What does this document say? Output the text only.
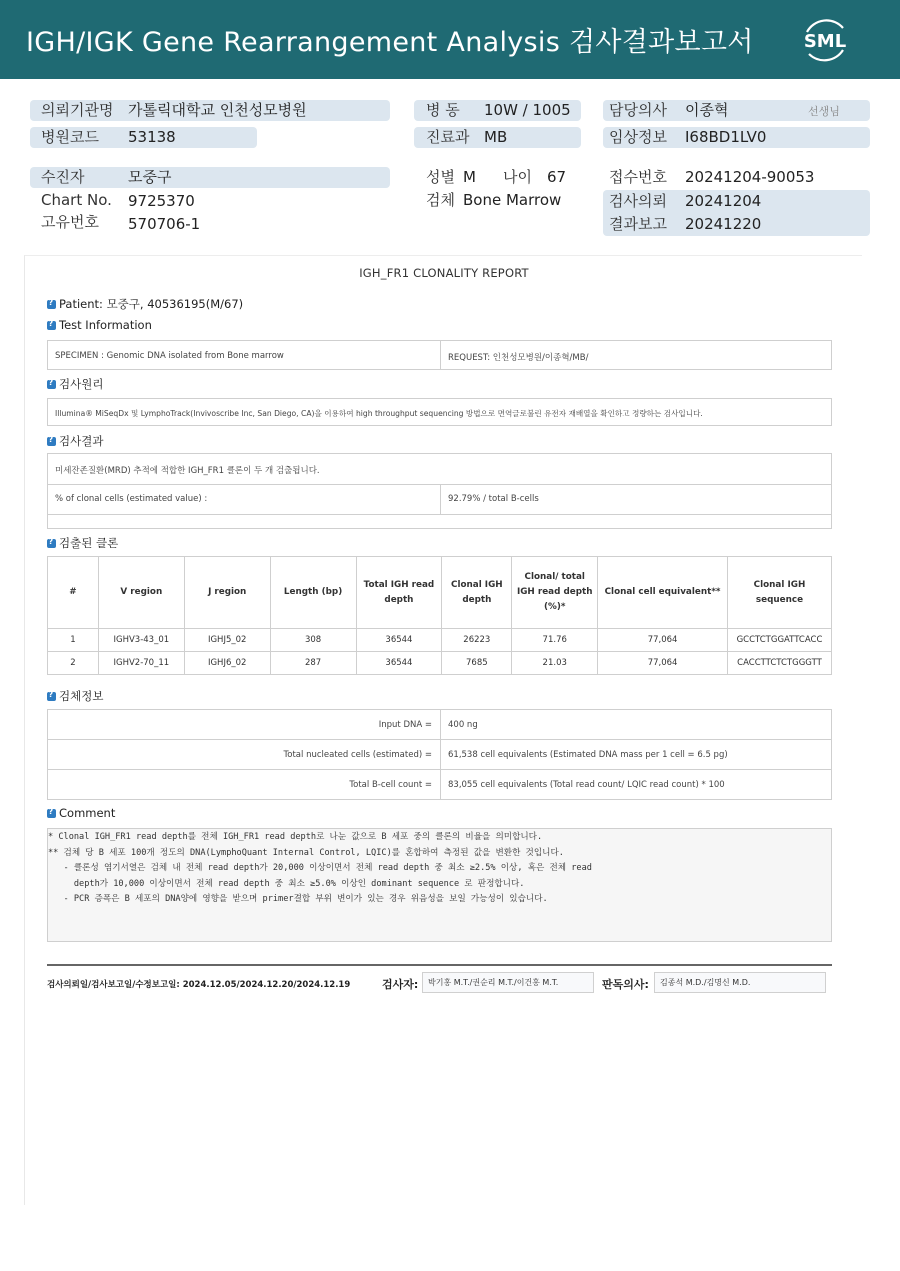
IGH/IGK Gene Rearrangement Analysis 검사결과보고서	SML
의뢰기관명 가톨릭대학교 인천성모병원
병원코드 53138
병 동 10W / 1005
진료과 MB
담당의사 이종혁	선생님
임상정보 I68BD1LV0
수진자	모중구
Chart No. 9725370
고유번호 570706-1
성별 M 나이 67
검체 Bone Marrow
접수번호 20241204-90053
검사의뢰 20241204
결과보고 20241220
IGH_FR1 CLONALITY REPORT
?
Patient: 모중구, 40536195(M/67)
?
Test Information
SPECIMEN : Genomic DNA isolated from Bone marrow	REQUEST: 인천성모병원/이종혁/MB/
?
검사원리
Illumina® MiSeqDx 및 LymphoTrack(Invivoscribe Inc, San Diego, CA)을 이용하여 high throughput sequencing 방법으로 면역글로불린 유전자 재배열을 확인하고 정량하는 검사입니다.
?
검사결과
미세잔존질환(MRD) 추적에 적합한 IGH_FR1 클론이 두 개 검출됩니다.
% of clonal cells (estimated value) :	92.79% / total B-cells
?
검출된 클론
#	V region	J region	Length (bp)	Total IGH read depth	Clonal IGH depth	Clonal/ total IGH read depth (%)*	Clonal cell equivalent**	Clonal IGH sequence
1	IGHV3-43_01	IGHJ5_02	308	36544	26223	71.76	77,064	GCCTCTGGATTCACC
2	IGHV2-70_11	IGHJ6_02	287	36544	7685	21.03	77,064	CACCTTCTCTGGGTT
?
검체정보
Input DNA = 400 ng
Total nucleated cells (estimated) = 61,538 cell equivalents (Estimated DNA mass per 1 cell = 6.5 pg)
Total B-cell count = 83,055 cell equivalents (Total read count/ LQIC read count) * 100
?
Comment
* Clonal IGH_FR1 read depth를 전체 IGH_FR1 read depth로 나눈 값으로 B 세포 중의 클론의 비율을 의미합니다.
** 검체 당 B 세포 100개 정도의 DNA(LymphoQuant Internal Control, LQIC)를 혼합하여 측정된 값을 변환한 것입니다.
- 클론성 염기서열은 검체 내 전체 read depth가 20,000 이상이면서 전체 read depth 중 최소 ≥2.5% 이상, 혹은 전체 read
depth가 10,000 이상이면서 전체 read depth 중 최소 ≥5.0% 이상인 dominant sequence 로 판정합니다.
- PCR 증폭은 B 세포의 DNA양에 영향을 받으며 primer결합 부위 변이가 있는 경우 위음성을 보일 가능성이 있습니다.
검사의뢰일/검사보고일/수정보고일: 2024.12.05/2024.12.20/2024.12.19	검사자:	박기홍 M.T./권순리 M.T./이건홍 M.T.	판독의사:	김종석 M.D./김명신 M.D.
